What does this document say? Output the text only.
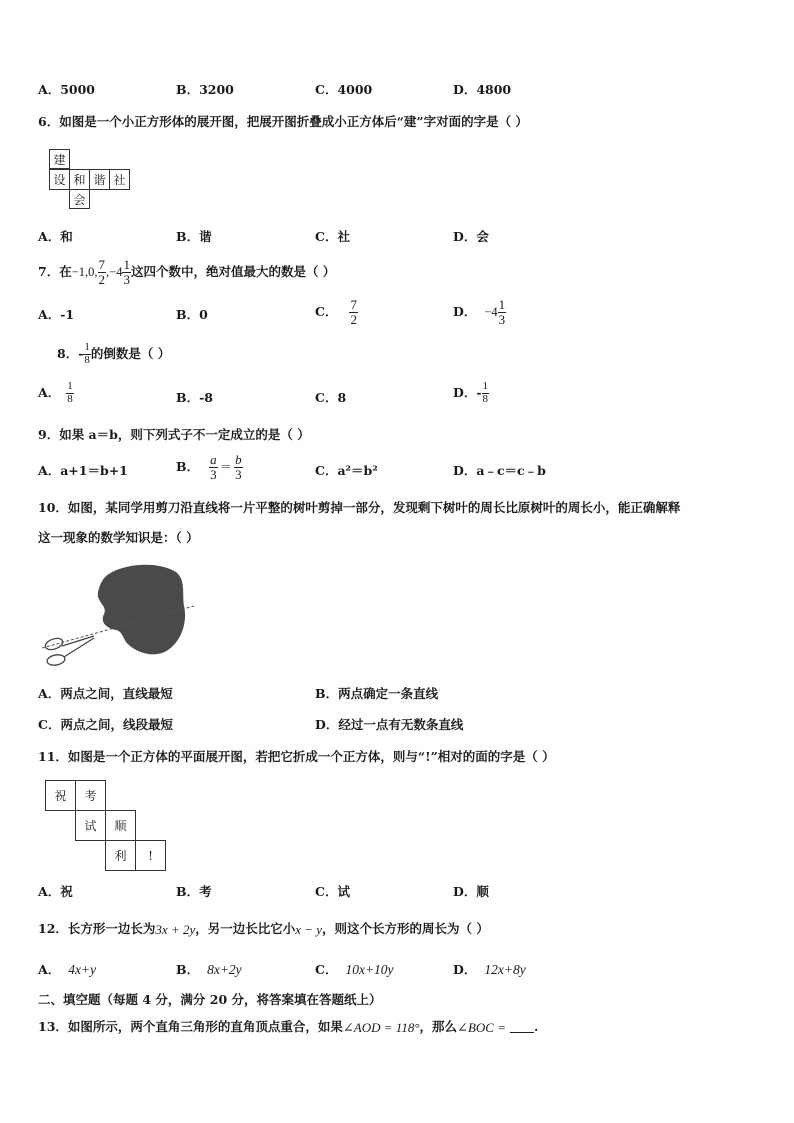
A．5000	B．3200	C．4000	D．4800
6．如图是一个小正方形体的展开图，把展开图折叠成小正方体后“建”字对面的字是（ ）
建
设 和 谐 社
会
A．和	B．谐	C．社	D．会
7．在 −1,0, $\frac{7}{2} ,-4 \frac{1}{3}$ 这四个数中，绝对值最大的数是（ ）
A．-1	B．0	C． $\frac{7}{2}$	D． $-4 \frac{1}{3}$
8．- $\frac{1}{8}$ 的倒数是（ ）
A． $\frac{1}{8}$	B．-8	C．8	D．- $\frac{1}{8}$
9．如果 a＝b，则下列式子不一定成立的是（ ）
A．a+1＝b+1	B． $\frac{a}{3} = \frac{b}{3}$	C．a²＝b²	D．a﹣c＝c﹣b
10．如图，某同学用剪刀沿直线将一片平整的树叶剪掉一部分，发现剩下树叶的周长比原树叶的周长小，能正确解释
这一现象的数学知识是：（ ）
A．两点之间，直线最短	B．两点确定一条直线
C．两点之间，线段最短	D．经过一点有无数条直线
11．如图是一个正方体的平面展开图，若把它折成一个正方体，则与“!”相对的面的字是（ ）
祝	考
试	顺
利	!
A．祝	B．考	C．试	D．顺
12．长方形一边长为 3x + 2y ，另一边长比它小 x − y ，则这个长方形的周长为（ ）
A． 4x+y	B． 8x+2y	C． 10x+10y	D． 12x+8y
二、填空题（每题 4 分，满分 20 分，将答案填在答题纸上）
13．如图所示，两个直角三角形的直角顶点重合，如果 ∠AOD = 118° ，那么 ∠BOC = .
